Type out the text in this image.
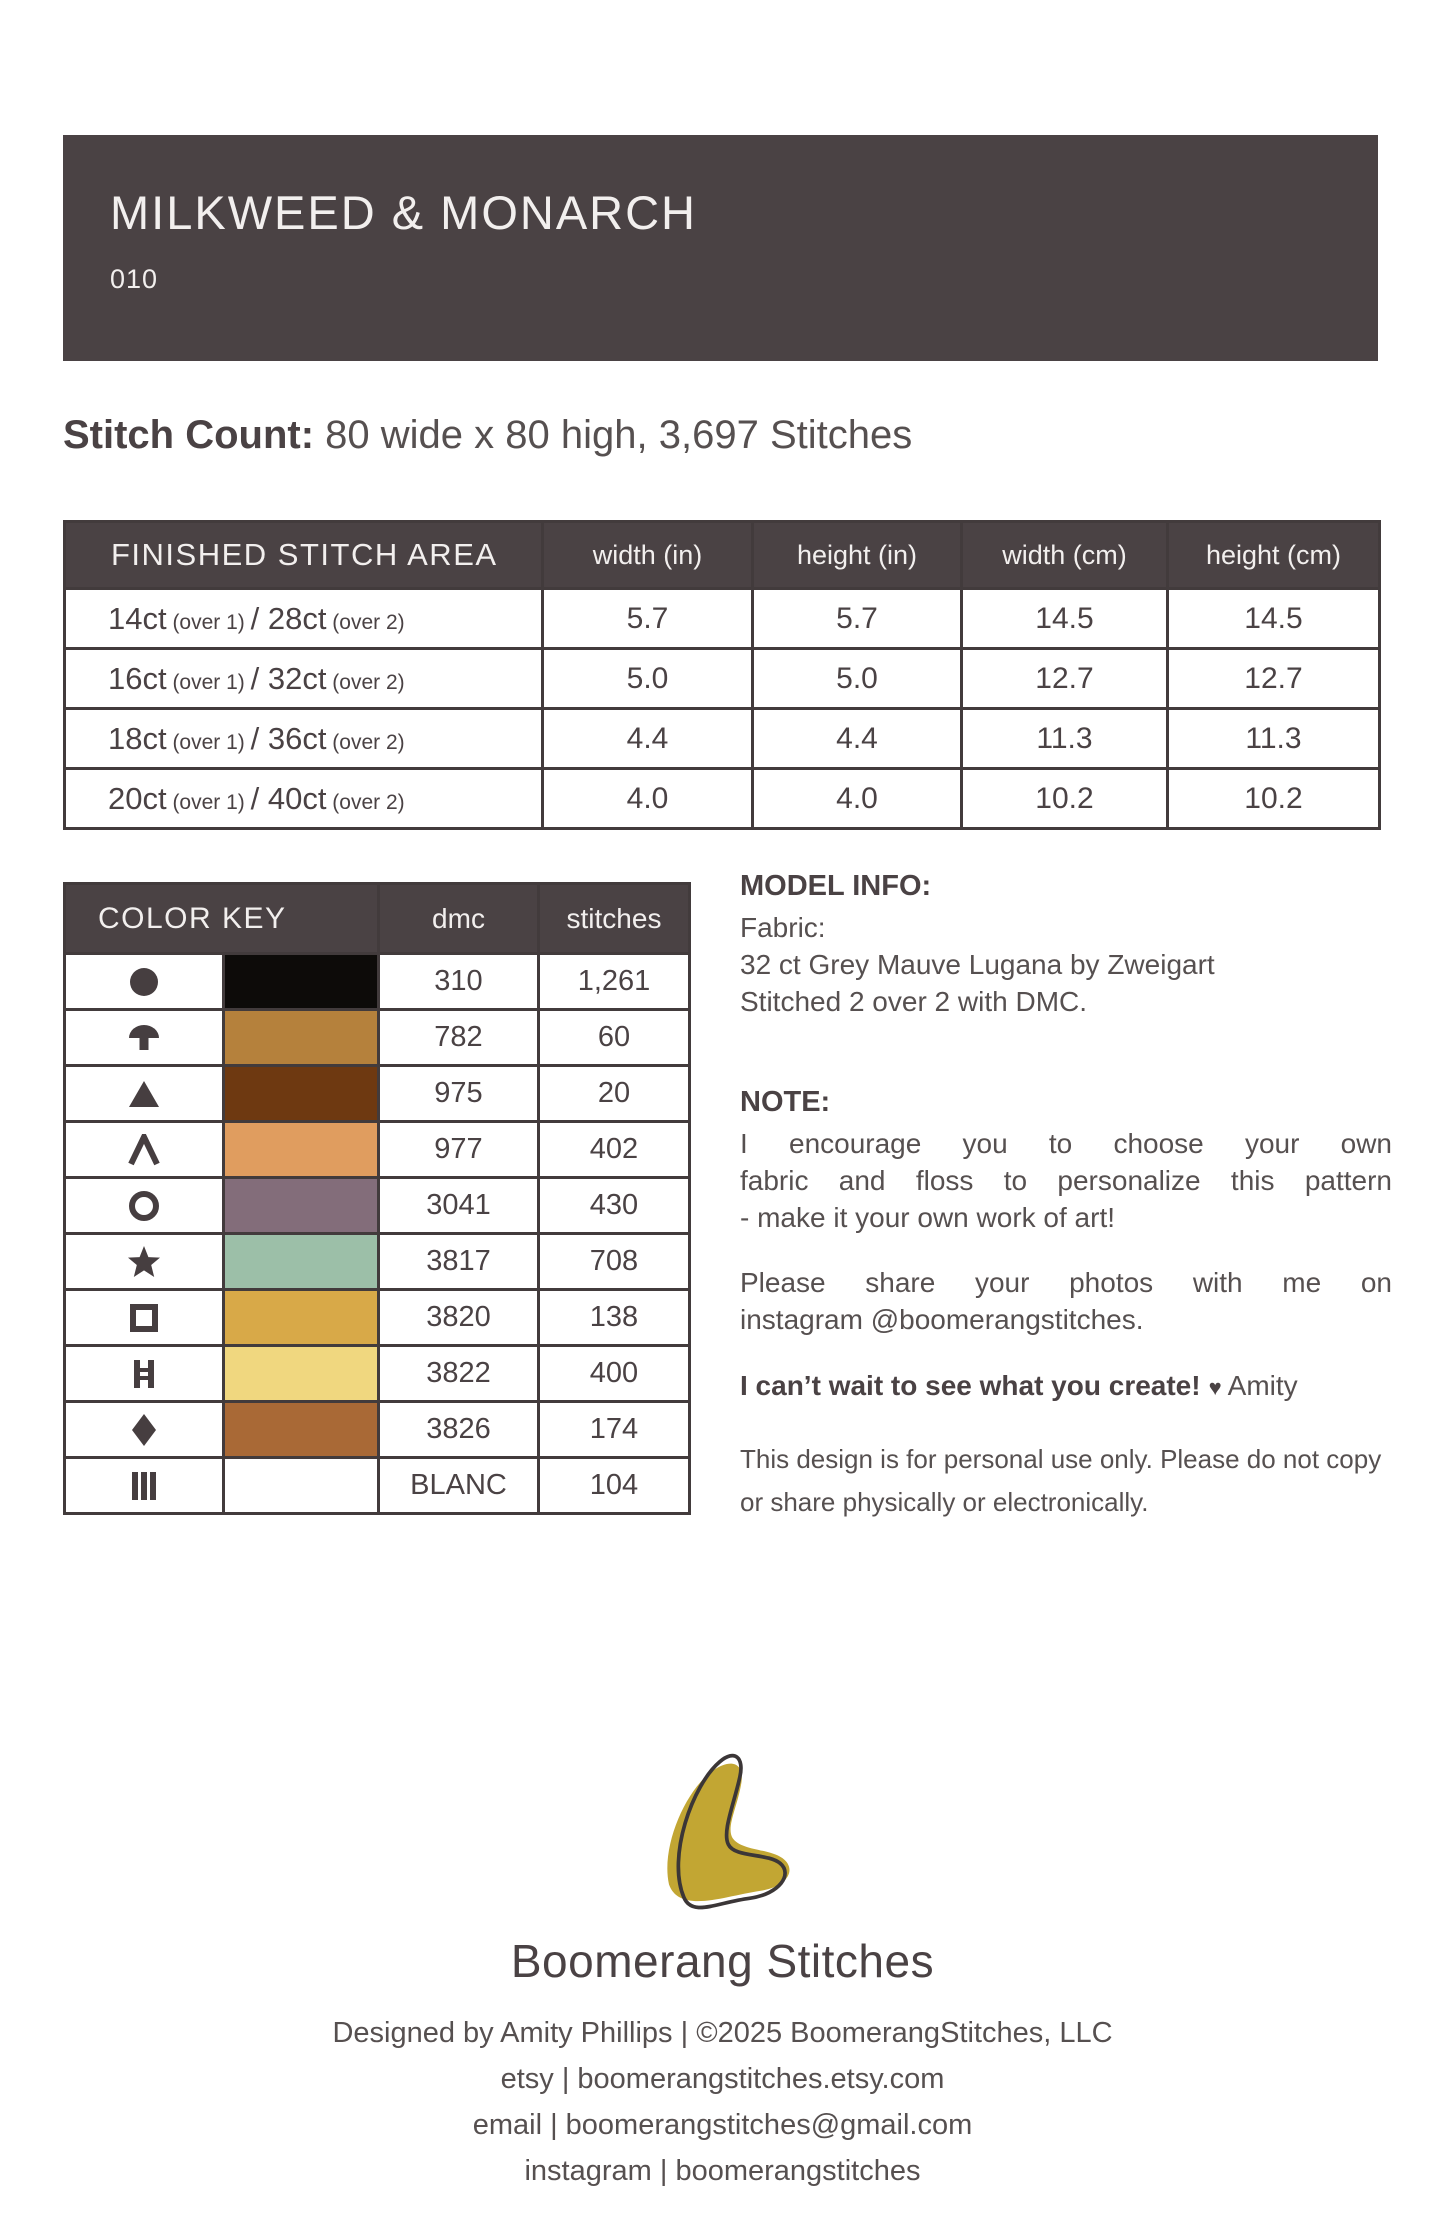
MILKWEED & MONARCH
010
Stitch Count: 80 wide x 80 high, 3,697 Stitches
FINISHED STITCH AREA	width (in)	height (in)	width (cm)	height (cm)
14ct (over 1) / 28ct (over 2)	5.7	5.7	14.5	14.5
16ct (over 1) / 32ct (over 2)	5.0	5.0	12.7	12.7
18ct (over 1) / 36ct (over 2)	4.4	4.4	11.3	11.3
20ct (over 1) / 40ct (over 2)	4.0	4.0	10.2	10.2
COLOR KEY		dmc	stitches
		310	1,261
		782	60
		975	20
		977	402
		3041	430
		3817	708
		3820	138
		3822	400
		3826	174
		BLANC	104
MODEL INFO:
Fabric:
32 ct Grey Mauve Lugana by Zweigart
Stitched 2 over 2 with DMC.
NOTE:
I encourage you to choose your own
fabric and floss to personalize this pattern
- make it your own work of art!
Please share your photos with me on
instagram @boomerangstitches.
I can’t wait to see what you create! ♥ Amity
This design is for personal use only. Please do not copy or share physically or electronically.
Boomerang Stitches
Designed by Amity Phillips | ©2025 BoomerangStitches, LLC
etsy | boomerangstitches.etsy.com
email | boomerangstitches@gmail.com
instagram | boomerangstitches
